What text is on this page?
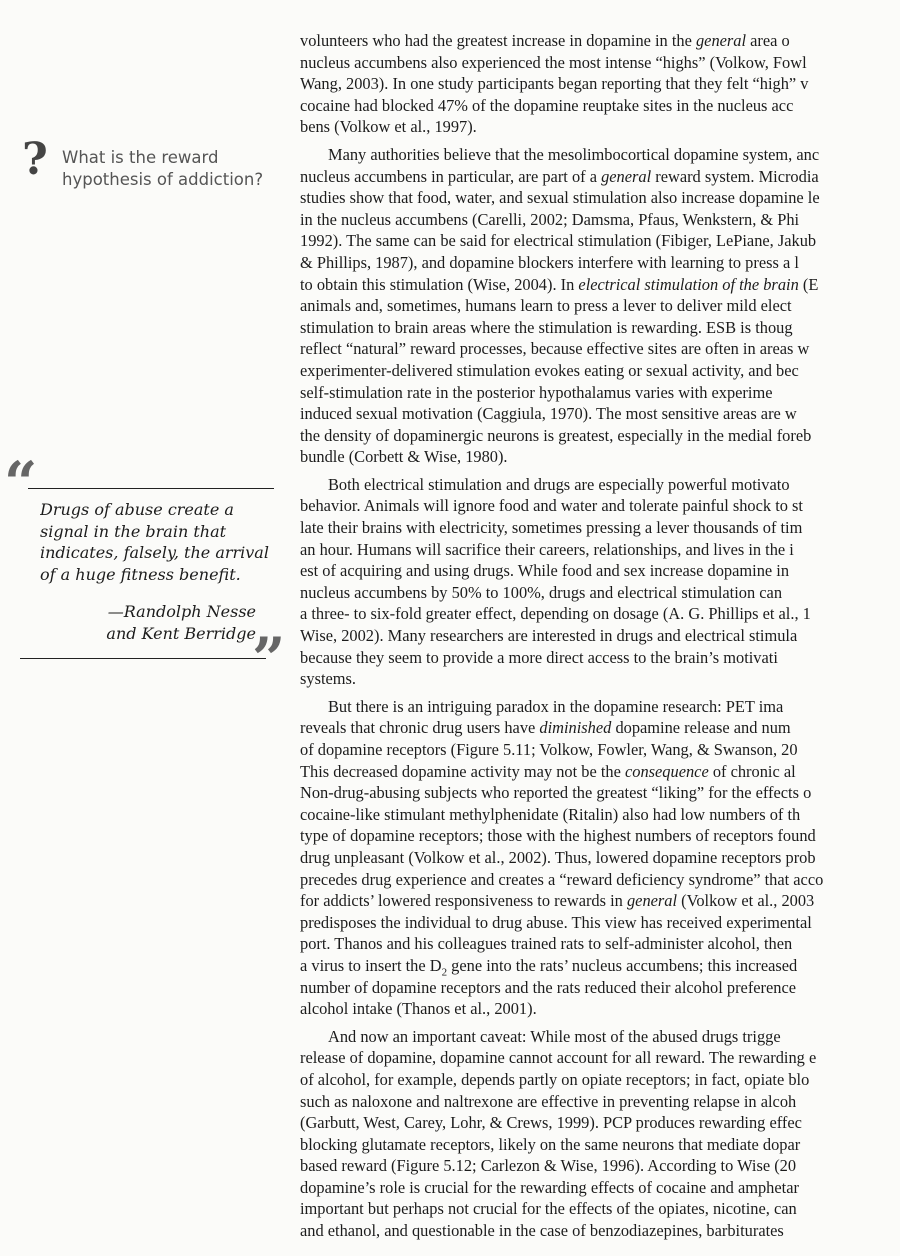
? What is the reward
hypothesis of addiction?
“ Drugs of abuse create a
signal in the brain that
indicates, falsely, the arrival
of a huge fitness benefit.
—Randolph Nesse
and Kent Berridge
”
volunteers who had the greatest increase in dopamine in the general area o
nucleus accumbens also experienced the most intense “highs” (Volkow, Fowl
Wang, 2003). In one study participants began reporting that they felt “high” v
cocaine had blocked 47% of the dopamine reuptake sites in the nucleus acc
bens (Volkow et al., 1997).
Many authorities believe that the mesolimbocortical dopamine system, anc
nucleus accumbens in particular, are part of a general reward system. Microdia
studies show that food, water, and sexual stimulation also increase dopamine le
in the nucleus accumbens (Carelli, 2002; Damsma, Pfaus, Wenkstern, & Phi
1992). The same can be said for electrical stimulation (Fibiger, LePiane, Jakub
& Phillips, 1987), and dopamine blockers interfere with learning to press a l
to obtain this stimulation (Wise, 2004). In electrical stimulation of the brain (E
animals and, sometimes, humans learn to press a lever to deliver mild elect
stimulation to brain areas where the stimulation is rewarding. ESB is thoug
reflect “natural” reward processes, because effective sites are often in areas w
experimenter-delivered stimulation evokes eating or sexual activity, and bec
self-stimulation rate in the posterior hypothalamus varies with experime
induced sexual motivation (Caggiula, 1970). The most sensitive areas are w
the density of dopaminergic neurons is greatest, especially in the medial foreb
bundle (Corbett & Wise, 1980).
Both electrical stimulation and drugs are especially powerful motivato
behavior. Animals will ignore food and water and tolerate painful shock to st
late their brains with electricity, sometimes pressing a lever thousands of tim
an hour. Humans will sacrifice their careers, relationships, and lives in the i
est of acquiring and using drugs. While food and sex increase dopamine in
nucleus accumbens by 50% to 100%, drugs and electrical stimulation can
a three- to six-fold greater effect, depending on dosage (A. G. Phillips et al., 1
Wise, 2002). Many researchers are interested in drugs and electrical stimula
because they seem to provide a more direct access to the brain’s motivati
systems.
But there is an intriguing paradox in the dopamine research: PET ima
reveals that chronic drug users have diminished dopamine release and num
of dopamine receptors (Figure 5.11; Volkow, Fowler, Wang, & Swanson, 20
This decreased dopamine activity may not be the consequence of chronic al
Non-drug-abusing subjects who reported the greatest “liking” for the effects o
cocaine-like stimulant methylphenidate (Ritalin) also had low numbers of th
type of dopamine receptors; those with the highest numbers of receptors found
drug unpleasant (Volkow et al., 2002). Thus, lowered dopamine receptors prob
precedes drug experience and creates a “reward deficiency syndrome” that acco
for addicts’ lowered responsiveness to rewards in general (Volkow et al., 2003
predisposes the individual to drug abuse. This view has received experimental
port. Thanos and his colleagues trained rats to self-administer alcohol, then
a virus to insert the $D_2$ gene into the rats’ nucleus accumbens; this increased
number of dopamine receptors and the rats reduced their alcohol preference
alcohol intake (Thanos et al., 2001).
And now an important caveat: While most of the abused drugs trigge
release of dopamine, dopamine cannot account for all reward. The rewarding e
of alcohol, for example, depends partly on opiate receptors; in fact, opiate blo
such as naloxone and naltrexone are effective in preventing relapse in alcoh
(Garbutt, West, Carey, Lohr, & Crews, 1999). PCP produces rewarding effec
blocking glutamate receptors, likely on the same neurons that mediate dopar
based reward (Figure 5.12; Carlezon & Wise, 1996). According to Wise (20
dopamine’s role is crucial for the rewarding effects of cocaine and amphetar
important but perhaps not crucial for the effects of the opiates, nicotine, can
and ethanol, and questionable in the case of benzodiazepines, barbiturates
